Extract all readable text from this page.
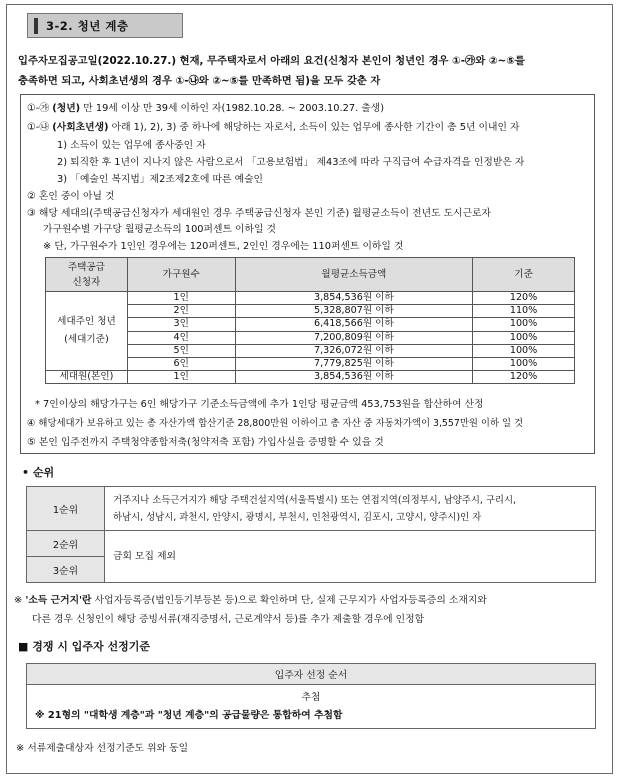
3-2. 청년 계층
입주자모집공고일(2022.10.27.) 현재, 무주택자로서 아래의 요건(신청자 본인이 청년인 경우 ①-㉮와 ②~⑤를
충족하면 되고, 사회초년생의 경우 ①-㉯와 ②~⑤를 만족하면 됨)을 모두 갖춘 자
①-㉮ (청년) 만 19세 이상 만 39세 이하인 자(1982.10.28. ~ 2003.10.27. 출생)
①-㉯ (사회초년생) 아래 1), 2), 3) 중 하나에 해당하는 자로서, 소득이 있는 업무에 종사한 기간이 총 5년 이내인 자
1) 소득이 있는 업무에 종사중인 자
2) 퇴직한 후 1년이 지나지 않은 사람으로서 「고용보험법」 제43조에 따라 구직급여 수급자격을 인정받은 자
3) 「예술인 복지법」제2조제2호에 따른 예술인
② 혼인 중이 아닐 것
③ 해당 세대의(주택공급신청자가 세대원인 경우 주택공급신청자 본인 기준) 월평균소득이 전년도 도시근로자
가구원수별 가구당 월평균소득의 100퍼센트 이하일 것
※ 단, 가구원수가 1인인 경우에는 120퍼센트, 2인인 경우에는 110퍼센트 이하일 것
* 7인이상의 해당가구는 6인 해당가구 기준소득금액에 추가 1인당 평균금액 453,753원을 합산하여 산정
④ 해당세대가 보유하고 있는 총 자산가액 합산기준 28,800만원 이하이고 총 자산 중 자동차가액이 3,557만원 이하 일 것
⑤ 본인 입주전까지 주택청약종합저축(청약저축 포함) 가입사실을 증명할 수 있을 것
주택공급
신청자	가구원수	월평균소득금액	기준
세대주인 청년
(세대기준)	1인	3,854,536원 이하	120%
	2인	5,328,807원 이하	110%
	3인	6,418,566원 이하	100%
	4인	7,200,809원 이하	100%
	5인	7,326,072원 이하	100%
	6인	7,779,825원 이하	100%
세대원(본인)	1인	3,854,536원 이하	120%
• 순위
1순위	거주지나 소득근거지가 해당 주택건설지역(서울특별시) 또는 연접지역(의정부시, 남양주시, 구리시,
하남시, 성남시, 과천시, 안양시, 광명시, 부천시, 인천광역시, 김포시, 고양시, 양주시)인 자

2순위	금회 모집 제외
3순위	
※ '소득 근거지'란 사업자등록증(법인등기부등본 등)으로 확인하며 단, 실제 근무지가 사업자등록증의 소재지와
다른 경우 신청인이 해당 증빙서류(재직증명서, 근로계약서 등)를 추가 제출할 경우에 인정함
■ 경쟁 시 입주자 선정기준
입주자 선정 순서

추첨
※ 21형의 "대학생 계층"과 "청년 계층"의 공급물량은 통합하여 추첨함
※ 서류제출대상자 선정기준도 위와 동일
